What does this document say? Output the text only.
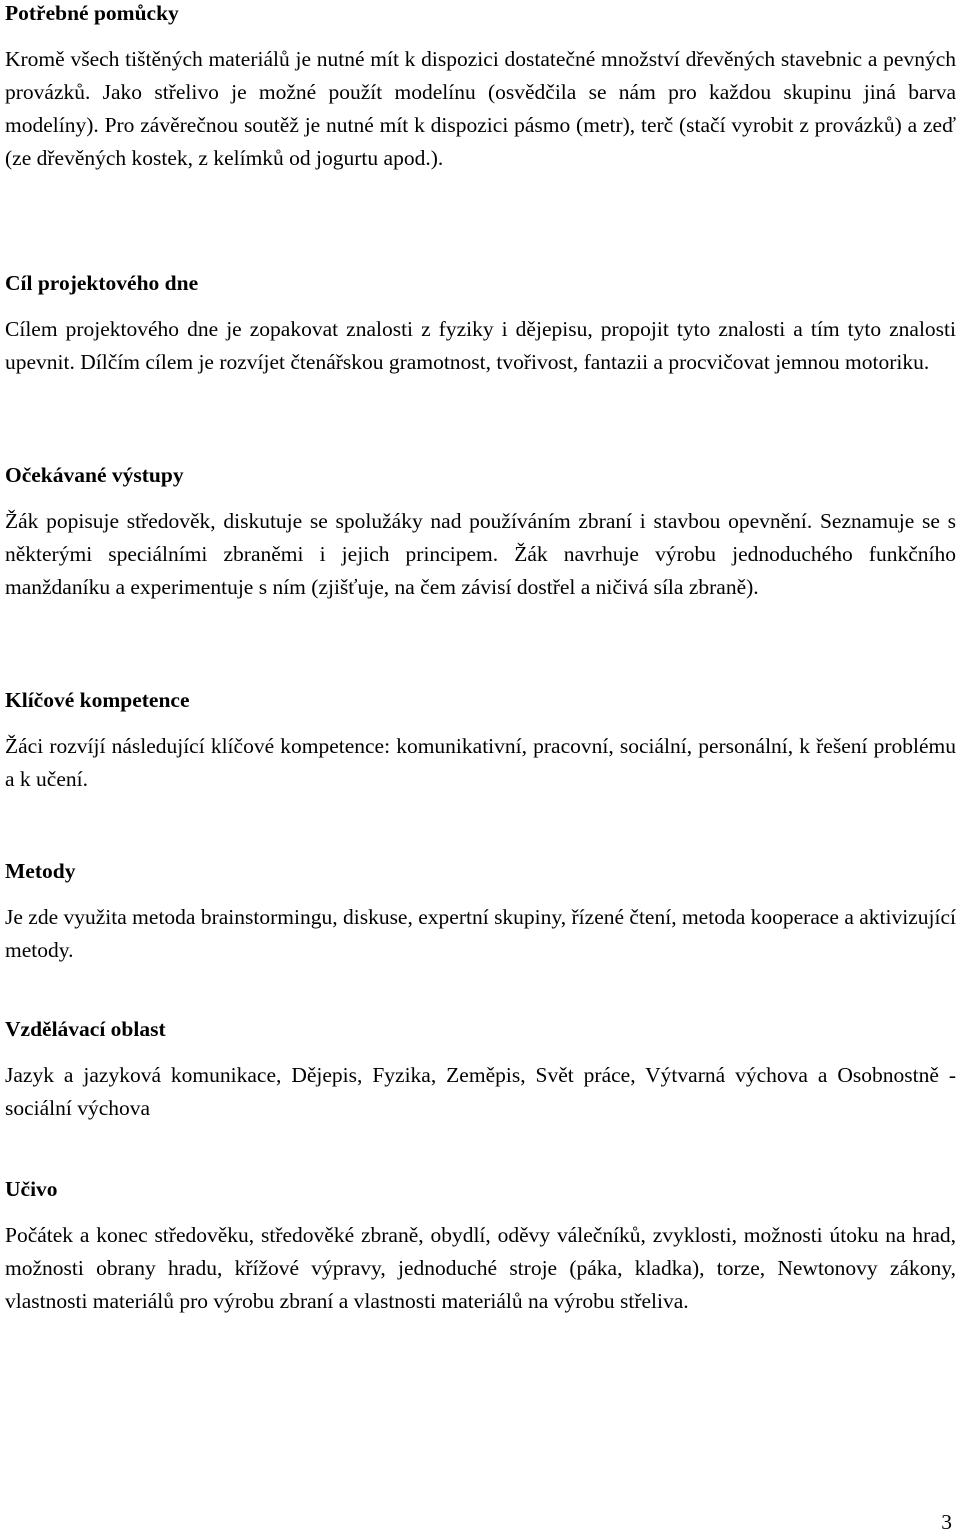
Potřebné pomůcky

Kromě všech tištěných materiálů je nutné mít k dispozici dostatečné množství dřevěných stavebnic a pevných provázků. Jako střelivo je možné použít modelínu (osvědčila se nám pro každou skupinu jiná barva modelíny). Pro závěrečnou soutěž je nutné mít k dispozici pásmo (metr), terč (stačí vyrobit z provázků) a zeď (ze dřevěných kostek, z kelímků od jogurtu apod.).

Cíl projektového dne

Cílem projektového dne je zopakovat znalosti z fyziky i dějepisu, propojit tyto znalosti a tím tyto znalosti upevnit. Dílčím cílem je rozvíjet čtenářskou gramotnost, tvořivost, fantazii a procvičovat jemnou motoriku.

Očekávané výstupy

Žák popisuje středověk, diskutuje se spolužáky nad používáním zbraní i stavbou opevnění. Seznamuje se s některými speciálními zbraněmi i jejich principem. Žák navrhuje výrobu jednoduchého funkčního manždaníku a experimentuje s ním (zjišťuje, na čem závisí dostřel a ničivá síla zbraně).

Klíčové kompetence

Žáci rozvíjí následující klíčové kompetence: komunikativní, pracovní, sociální, personální, k řešení problému a k učení.

Metody

Je zde využita metoda brainstormingu, diskuse, expertní skupiny, řízené čtení, metoda kooperace a aktivizující metody.

Vzdělávací oblast

Jazyk a jazyková komunikace, Dějepis, Fyzika, Zeměpis, Svět práce, Výtvarná výchova a Osobnostně - sociální výchova

Učivo

Počátek a konec středověku, středověké zbraně, obydlí, oděvy válečníků, zvyklosti, možnosti útoku na hrad, možnosti obrany hradu, křížové výpravy, jednoduché stroje (páka, kladka), torze, Newtonovy zákony, vlastnosti materiálů pro výrobu zbraní a vlastnosti materiálů na výrobu střeliva.

3
